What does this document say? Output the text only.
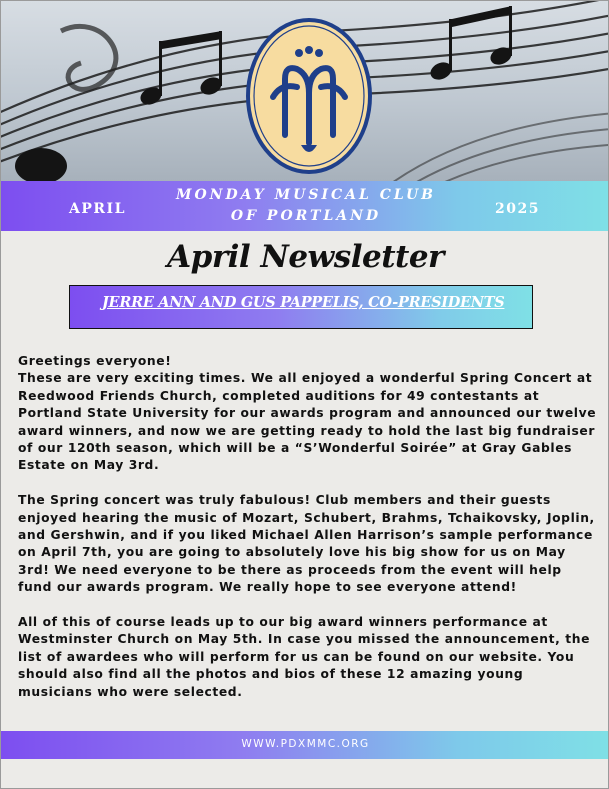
APRIL
MONDAY MUSICAL CLUB
OF PORTLAND	2025
April Newsletter
JERRE ANN AND GUS PAPPELIS, CO-PRESIDENTS

Greetings everyone!

These are very exciting times. We all enjoyed a wonderful Spring Concert at Reedwood Friends Church, completed auditions for 49 contestants at Portland State University for our awards program and announced our twelve award winners, and now we are getting ready to hold the last big fundraiser of our 120th season, which will be a “S’Wonderful Soirée” at Gray Gables Estate on May 3rd.

The Spring concert was truly fabulous! Club members and their guests enjoyed hearing the music of Mozart, Schubert, Brahms, Tchaikovsky, Joplin, and Gershwin, and if you liked Michael Allen Harrison’s sample performance on April 7th, you are going to absolutely love his big show for us on May 3rd! We need everyone to be there as proceeds from the event will help fund our awards program. We really hope to see everyone attend!

All of this of course leads up to our big award winners performance at Westminster Church on May 5th. In case you missed the announcement, the list of awardees who will perform for us can be found on our website. You should also find all the photos and bios of these 12 amazing young musicians who were selected.

WWW.PDXMMC.ORG
